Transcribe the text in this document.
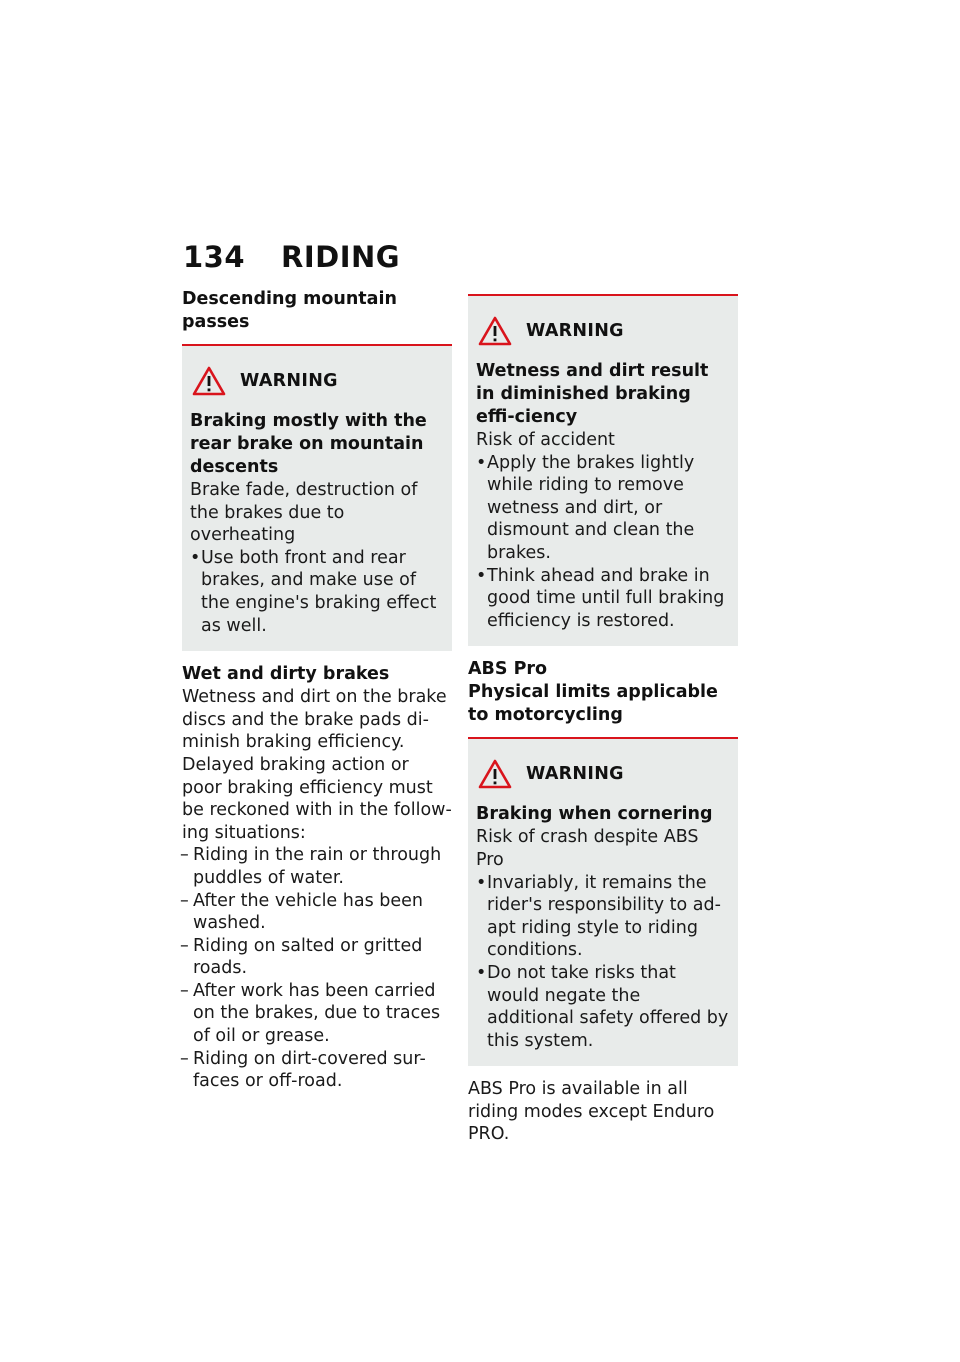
134 RIDING

Descending mountain passes

WARNING

Braking mostly with the rear brake on mountain descents

Brake fade, destruction of the brakes due to overheating

• Use both front and rear brakes, and make use of the engine's braking effect as well.

Wet and dirty brakes

Wetness and dirt on the brake discs and the brake pads di-minish braking efficiency. Delayed braking action or poor braking efficiency must be reckoned with in the follow-ing situations:

– Riding in the rain or through puddles of water.
– After the vehicle has been washed.
– Riding on salted or gritted roads.
– After work has been carried on the brakes, due to traces of oil or grease.
– Riding on dirt-covered sur-faces or off-road.
WARNING

Wetness and dirt result in diminished braking effi-ciency

Risk of accident

• Apply the brakes lightly while riding to remove wetness and dirt, or dismount and clean the brakes.
• Think ahead and brake in good time until full braking efficiency is restored.

ABS Pro

Physical limits applicable to motorcycling

WARNING

Braking when cornering

Risk of crash despite ABS Pro

• Invariably, it remains the rider's responsibility to ad-apt riding style to riding conditions.
• Do not take risks that would negate the additional safety offered by this system.

ABS Pro is available in all riding modes except Enduro PRO.
